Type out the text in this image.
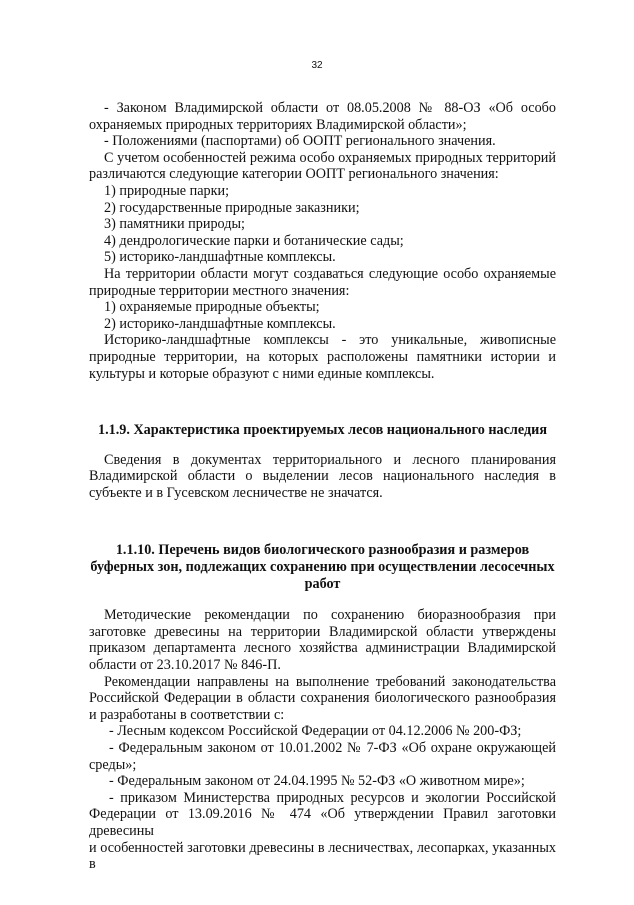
32

- Законом Владимирской области от 08.05.2008 № 88-ОЗ «Об особо охраняемых природных территориях Владимирской области»;

- Положениями (паспортами) об ООПТ регионального значения.

С учетом особенностей режима особо охраняемых природных территорий различаются следующие категории ООПТ регионального значения:

1) природные парки;

2) государственные природные заказники;

3) памятники природы;

4) дендрологические парки и ботанические сады;

5) историко-ландшафтные комплексы.

На территории области могут создаваться следующие особо охраняемые природные территории местного значения:

1) охраняемые природные объекты;

2) историко-ландшафтные комплексы.

Историко-ландшафтные комплексы - это уникальные, живописные природные территории, на которых расположены памятники истории и культуры и которые образуют с ними единые комплексы.

1.1.9. Характеристика проектируемых лесов национального наследия

Сведения в документах территориального и лесного планирования Владимирской области о выделении лесов национального наследия в субъекте и в Гусевском лесничестве не значатся.

1.1.10. Перечень видов биологического разнообразия и размеров буферных зон, подлежащих сохранению при осуществлении лесосечных работ

Методические рекомендации по сохранению биоразнообразия при заготовке древесины на территории Владимирской области утверждены приказом департамента лесного хозяйства администрации Владимирской области от 23.10.2017 № 846-П.

Рекомендации направлены на выполнение требований законодательства Российской Федерации в области сохранения биологического разнообразия и разработаны в соответствии с:

- Лесным кодексом Российской Федерации от 04.12.2006 № 200-ФЗ;

- Федеральным законом от 10.01.2002 № 7-ФЗ «Об охране окружающей среды»;

- Федеральным законом от 24.04.1995 № 52-ФЗ «О животном мире»;

- приказом Министерства природных ресурсов и экологии Российской Федерации от 13.09.2016 № 474 «Об утверждении Правил заготовки древесины

и особенностей заготовки древесины в лесничествах, лесопарках, указанных в
